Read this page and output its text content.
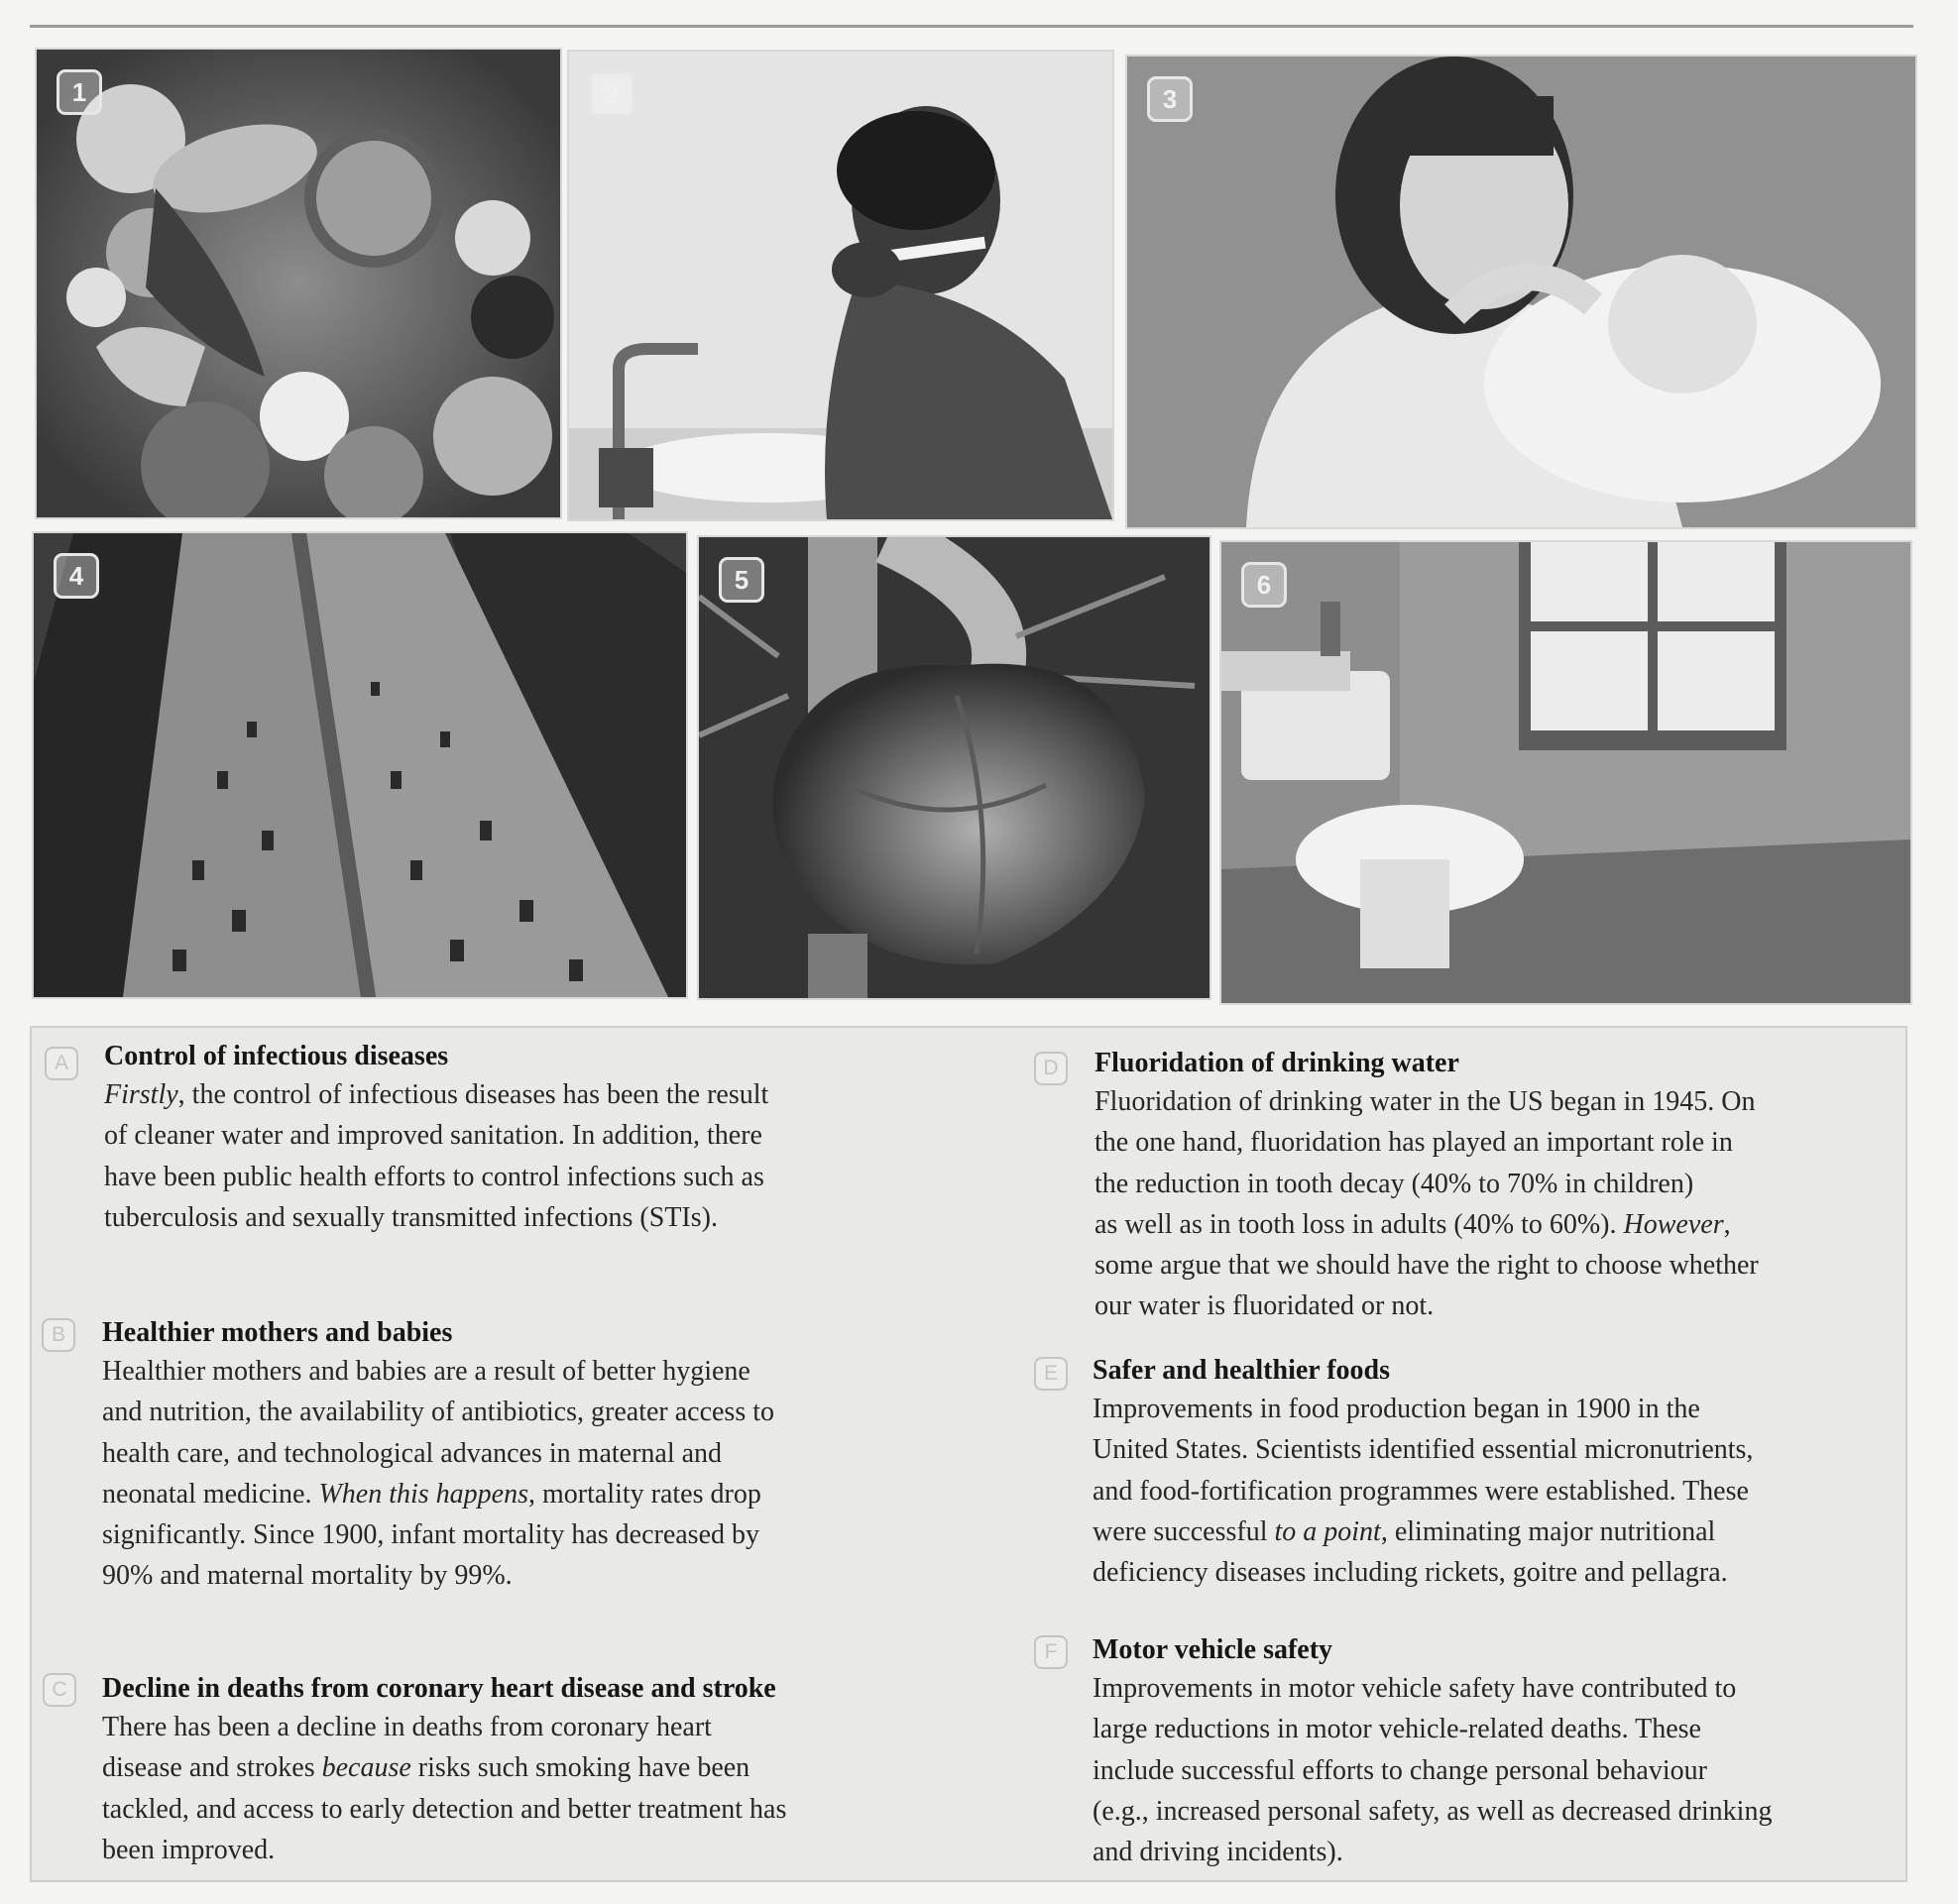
1	2	3
4	5	6
A	Control of infectious diseases
Firstly, the control of infectious diseases has been the result
of cleaner water and improved sanitation. In addition, there
have been public health efforts to control infections such as
tuberculosis and sexually transmitted infections (STIs).
B	Healthier mothers and babies
Healthier mothers and babies are a result of better hygiene
and nutrition, the availability of antibiotics, greater access to
health care, and technological advances in maternal and
neonatal medicine. When this happens, mortality rates drop
significantly. Since 1900, infant mortality has decreased by
90% and maternal mortality by 99%.
C	Decline in deaths from coronary heart disease and stroke
There has been a decline in deaths from coronary heart
disease and strokes because risks such smoking have been
tackled, and access to early detection and better treatment has
been improved.
D	Fluoridation of drinking water
Fluoridation of drinking water in the US began in 1945. On
the one hand, fluoridation has played an important role in
the reduction in tooth decay (40% to 70% in children)
as well as in tooth loss in adults (40% to 60%). However,
some argue that we should have the right to choose whether
our water is fluoridated or not.
E	Safer and healthier foods
Improvements in food production began in 1900 in the
United States. Scientists identified essential micronutrients,
and food-fortification programmes were established. These
were successful to a point, eliminating major nutritional
deficiency diseases including rickets, goitre and pellagra.
F	Motor vehicle safety
Improvements in motor vehicle safety have contributed to
large reductions in motor vehicle-related deaths. These
include successful efforts to change personal behaviour
(e.g., increased personal safety, as well as decreased drinking
and driving incidents).
